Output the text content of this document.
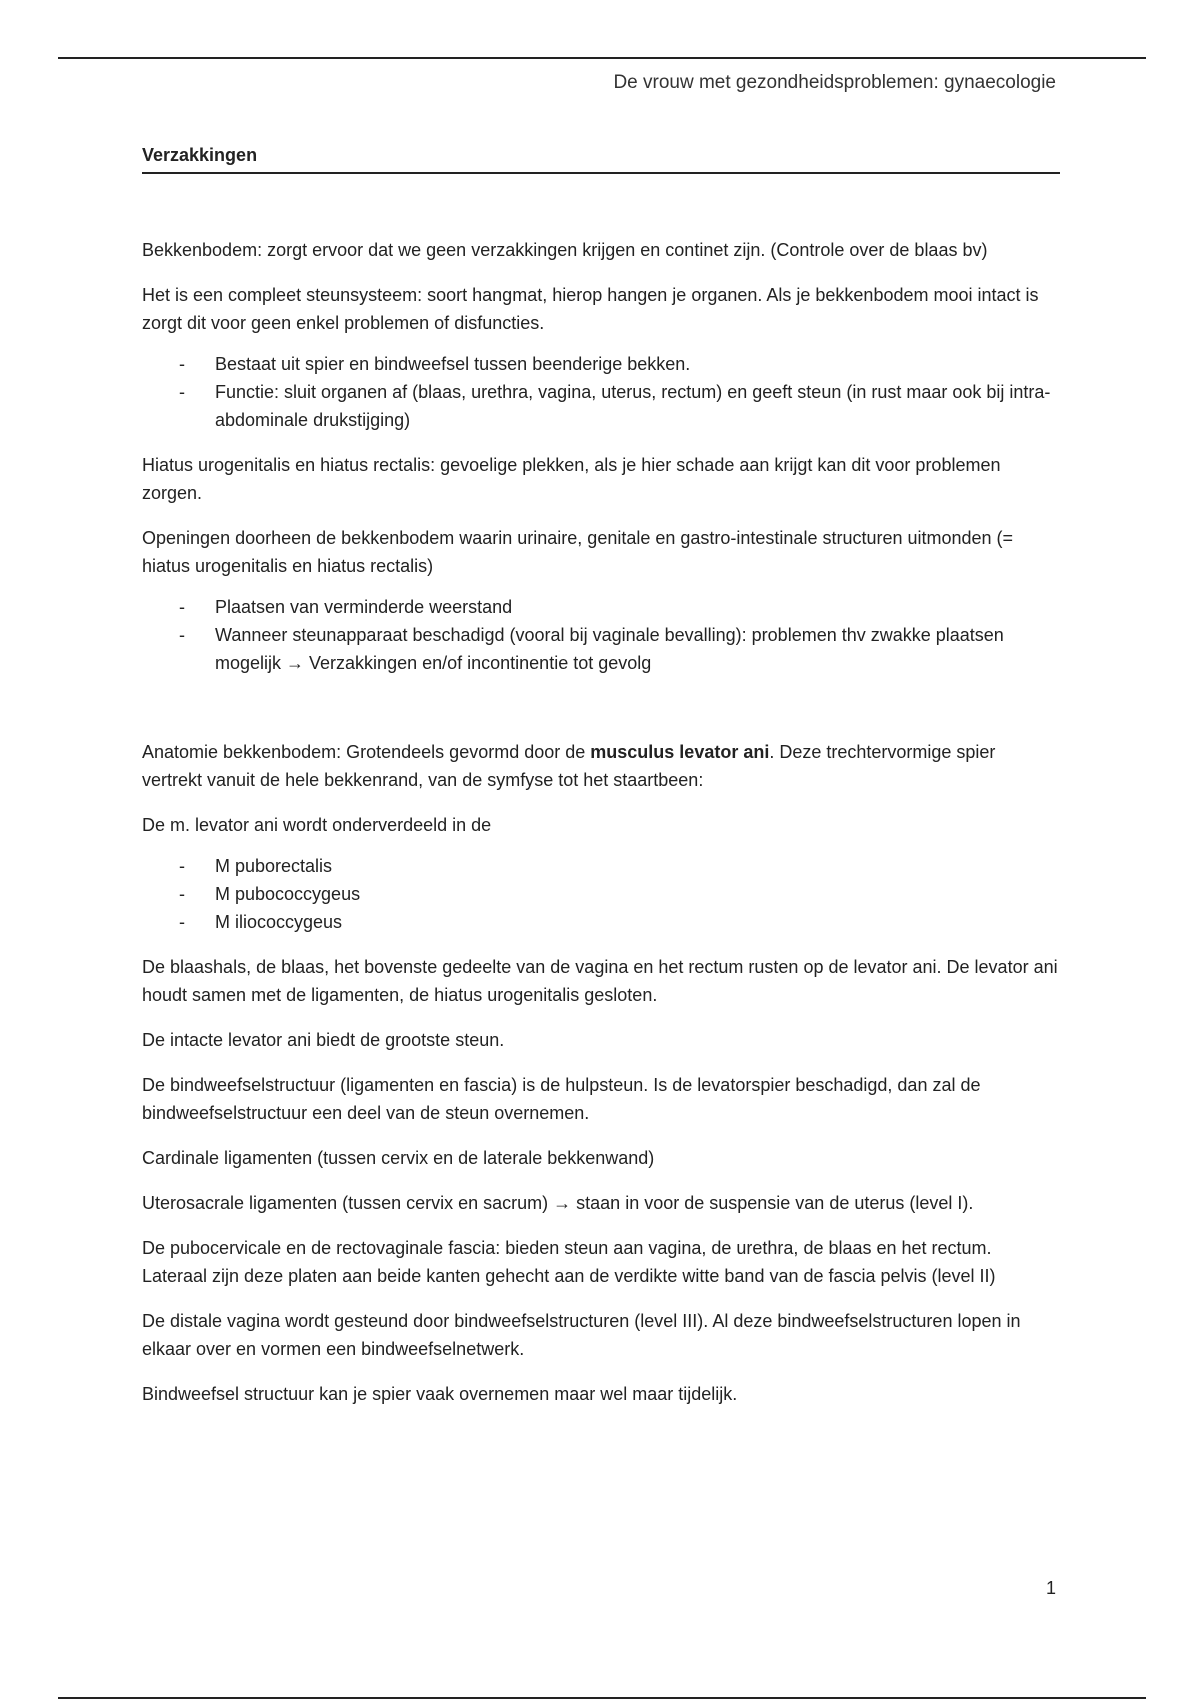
De vrouw met gezondheidsproblemen: gynaecologie
Verzakkingen

Bekkenbodem: zorgt ervoor dat we geen verzakkingen krijgen en continet zijn. (Controle over de blaas bv)

Het is een compleet steunsysteem: soort hangmat, hierop hangen je organen. Als je bekkenbodem mooi intact is zorgt dit voor geen enkel problemen of disfuncties.

- Bestaat uit spier en bindweefsel tussen beenderige bekken.
- Functie: sluit organen af (blaas, urethra, vagina, uterus, rectum) en geeft steun (in rust maar ook bij intra-abdominale drukstijging)

Hiatus urogenitalis en hiatus rectalis: gevoelige plekken, als je hier schade aan krijgt kan dit voor problemen zorgen.

Openingen doorheen de bekkenbodem waarin urinaire, genitale en gastro-intestinale structuren uitmonden (= hiatus urogenitalis en hiatus rectalis)

- Plaatsen van verminderde weerstand
- Wanneer steunapparaat beschadigd (vooral bij vaginale bevalling): problemen thv zwakke plaatsen mogelijk → Verzakkingen en/of incontinentie tot gevolg

Anatomie bekkenbodem: Grotendeels gevormd door de musculus levator ani. Deze trechtervormige spier vertrekt vanuit de hele bekkenrand, van de symfyse tot het staartbeen:

De m. levator ani wordt onderverdeeld in de

- M puborectalis
- M pubococcygeus
- M iliococcygeus

De blaashals, de blaas, het bovenste gedeelte van de vagina en het rectum rusten op de levator ani. De levator ani houdt samen met de ligamenten, de hiatus urogenitalis gesloten.

De intacte levator ani biedt de grootste steun.

De bindweefselstructuur (ligamenten en fascia) is de hulpsteun. Is de levatorspier beschadigd, dan zal de bindweefselstructuur een deel van de steun overnemen.

Cardinale ligamenten (tussen cervix en de laterale bekkenwand)

Uterosacrale ligamenten (tussen cervix en sacrum) → staan in voor de suspensie van de uterus (level I).

De pubocervicale en de rectovaginale fascia: bieden steun aan vagina, de urethra, de blaas en het rectum. Lateraal zijn deze platen aan beide kanten gehecht aan de verdikte witte band van de fascia pelvis (level II)

De distale vagina wordt gesteund door bindweefselstructuren (level III). Al deze bindweefselstructuren lopen in elkaar over en vormen een bindweefselnetwerk.

Bindweefsel structuur kan je spier vaak overnemen maar wel maar tijdelijk.

1
